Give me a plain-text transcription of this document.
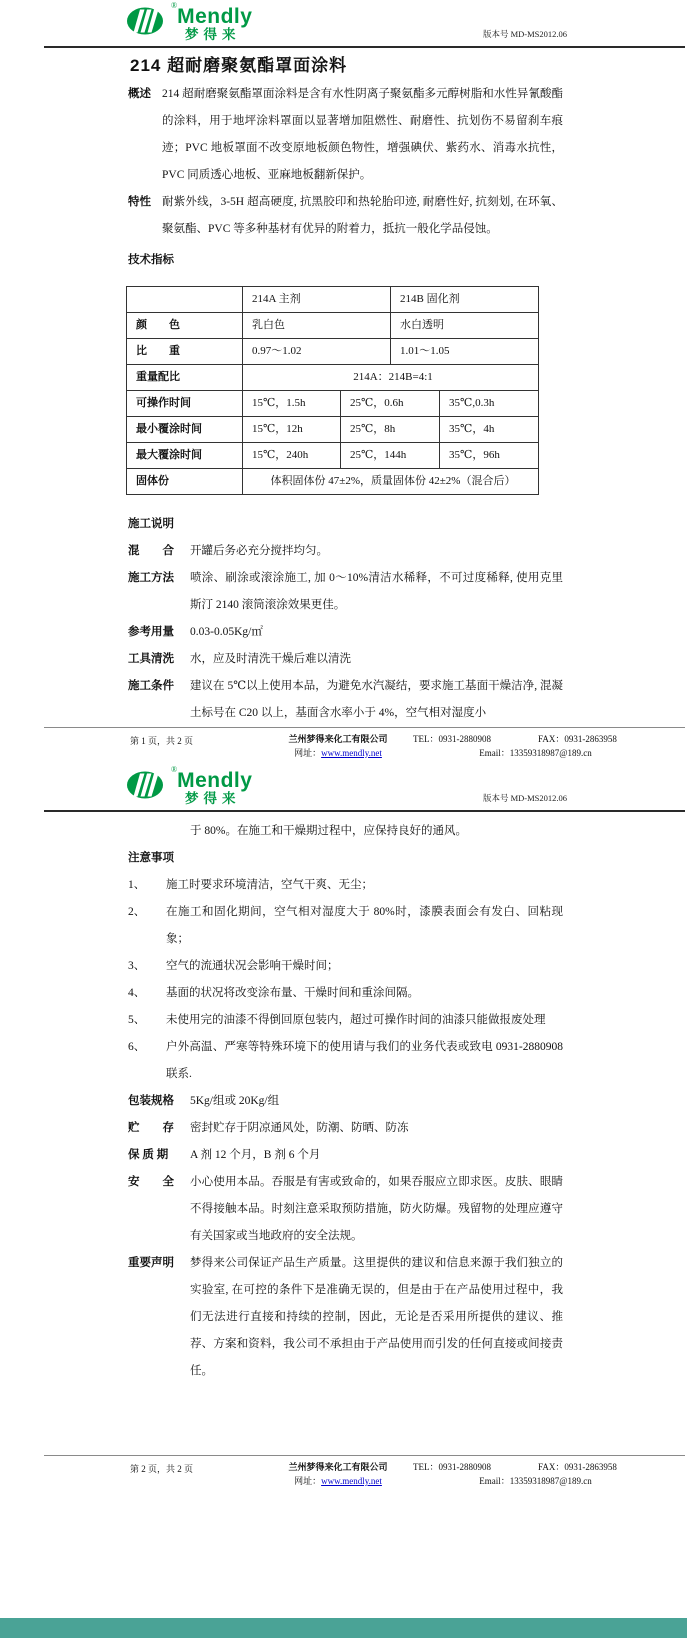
®Mendly
梦得来	版本号 MD-MS2012.06
214 超耐磨聚氨酯罩面涂料
概述 214 超耐磨聚氨酯罩面涂料是含有水性阴离子聚氨酯多元醇树脂和水性异氰酸酯的涂料，用于地坪涂料罩面以显著增加阻燃性、耐磨性、抗划伤不易留刹车痕迹；PVC 地板罩面不改变原地板颜色物性，增强碘伏、紫药水、消毒水抗性，PVC 同质透心地板、亚麻地板翻新保护。
特性 耐紫外线，3-5H 超高硬度, 抗黑胶印和热轮胎印迹, 耐磨性好, 抗刻划, 在环氧、聚氨酯、PVC 等多种基材有优异的附着力，抵抗一般化学品侵蚀。
技术指标
	214A 主剂		214B 固化剂	
颜　　色	乳白色		水白透明	
比　　重	0.97～1.02		1.01～1.05	
重量配比	214A：214B=4:1			
可操作时间	15℃，1.5h	25℃，0.6h		35℃,0.3h
最小覆涂时间	15℃，12h	25℃，8h		35℃，4h
最大覆涂时间	15℃，240h	25℃，144h		35℃，96h
固体份	体积固体份 47±2%，质量固体份 42±2%（混合后）			
施工说明
混　　合	开罐后务必充分搅拌均匀。
施工方法	喷涂、刷涂或滚涂施工, 加 0～10%清洁水稀释，不可过度稀释, 使用克里斯汀 2140 滚筒滚涂效果更佳。
参考用量	0.03-0.05Kg/㎡
工具清洗	水，应及时清洗干燥后难以清洗
施工条件	建议在 5℃以上使用本品，为避免水汽凝结，要求施工基面干燥洁净, 混凝土标号在 C20 以上，基面含水率小于 4%，空气相对湿度小
第 1 页，共 2 页	兰州梦得来化工有限公司	TEL：0931-2880908	FAX：0931-2863958
网址：www.mendly.net	Email：13359318987@189.cn
®Mendly
梦得来	版本号 MD-MS2012.06
于 80%。在施工和干燥期过程中，应保持良好的通风。
注意事项
1、	施工时要求环境清洁，空气干爽、无尘；
2、	在施工和固化期间，空气相对湿度大于 80%时，漆膜表面会有发白、回粘现象；
3、	空气的流通状况会影响干燥时间；
4、	基面的状况将改变涂布量、干燥时间和重涂间隔。
5、	未使用完的油漆不得倒回原包装内，超过可操作时间的油漆只能做报废处理
6、	户外高温、严寒等特殊环境下的使用请与我们的业务代表或致电 0931-2880908 联系.
包装规格	5Kg/组或 20Kg/组
贮　　存	密封贮存于阴凉通风处，防潮、防晒、防冻
保 质 期	A 剂 12 个月，B 剂 6 个月
安　　全	小心使用本品。吞服是有害或致命的，如果吞服应立即求医。皮肤、眼睛不得接触本品。时刻注意采取预防措施，防火防爆。残留物的处理应遵守有关国家或当地政府的安全法规。
重要声明	梦得来公司保证产品生产质量。这里提供的建议和信息来源于我们独立的实验室, 在可控的条件下是准确无误的，但是由于在产品使用过程中，我们无法进行直接和持续的控制，因此，无论是否采用所提供的建议、推荐、方案和资料，我公司不承担由于产品使用而引发的任何直接或间接责任。
第 2 页，共 2 页	兰州梦得来化工有限公司	TEL：0931-2880908	FAX：0931-2863958
网址：www.mendly.net	Email：13359318987@189.cn
